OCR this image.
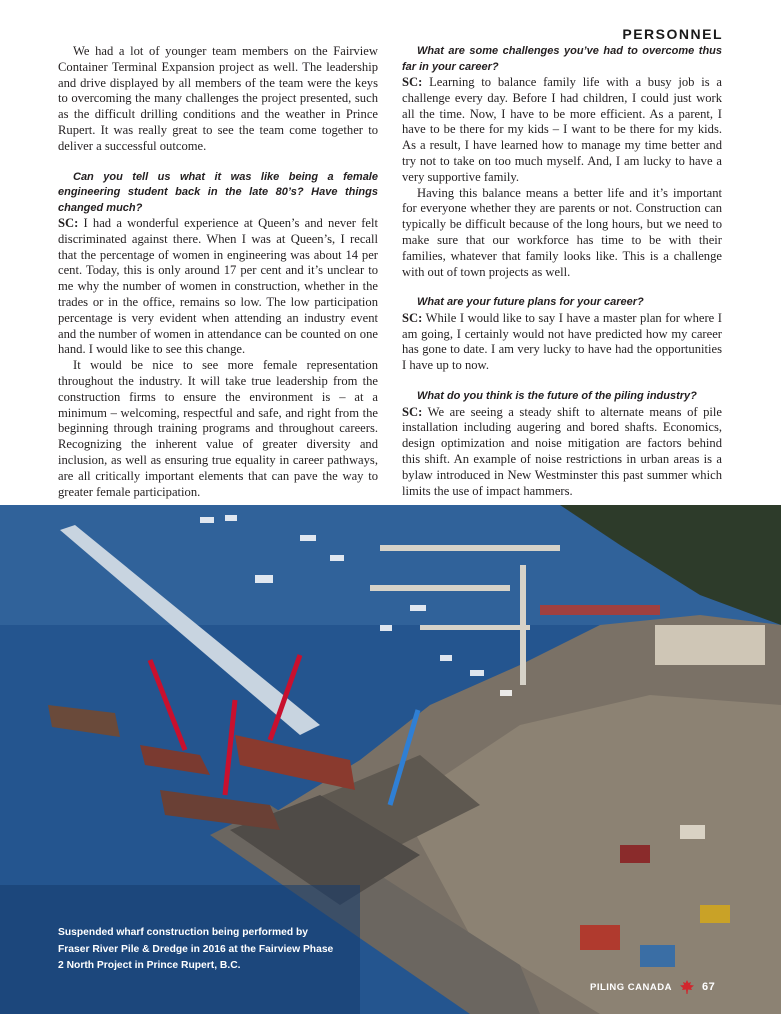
PERSONNEL

We had a lot of younger team members on the Fairview Container Terminal Expansion project as well. The leadership and drive displayed by all members of the team were the keys to overcoming the many challenges the project presented, such as the difficult drilling conditions and the weather in Prince Rupert. It was really great to see the team come together to deliver a successful outcome.

Can you tell us what it was like being a female engineering student back in the late 80’s? Have things changed much?

SC: I had a wonderful experience at Queen’s and never felt discriminated against there. When I was at Queen’s, I recall that the percentage of women in engineering was about 14 per cent. Today, this is only around 17 per cent and it’s unclear to me why the number of women in construction, whether in the trades or in the office, remains so low. The low participation percentage is very evident when attending an industry event and the number of women in attendance can be counted on one hand. I would like to see this change.

It would be nice to see more female representation throughout the industry. It will take true leadership from the construction firms to ensure the environment is – at a minimum – welcoming, respectful and safe, and right from the beginning through training programs and throughout careers. Recognizing the inherent value of greater diversity and inclusion, as well as ensuring true equality in career pathways, are all critically important elements that can pave the way to greater female participation.

What are some challenges you’ve had to overcome thus far in your career?

SC: Learning to balance family life with a busy job is a challenge every day. Before I had children, I could just work all the time. Now, I have to be more efficient. As a parent, I have to be there for my kids – I want to be there for my kids. As a result, I have learned how to manage my time better and try not to take on too much myself. And, I am lucky to have a very supportive family.

Having this balance means a better life and it’s important for everyone whether they are parents or not. Construction can typically be difficult because of the long hours, but we need to make sure that our workforce has time to be with their families, whatever that family looks like. This is a challenge with out of town projects as well.

What are your future plans for your career?

SC: While I would like to say I have a master plan for where I am going, I certainly would not have predicted how my career has gone to date. I am very lucky to have had the opportunities I have up to now.

What do you think is the future of the piling industry?

SC: We are seeing a steady shift to alternate means of pile installation including augering and bored shafts. Economics, design optimization and noise mitigation are factors behind this shift. An example of noise restrictions in urban areas is a bylaw introduced in New Westminster this past summer which limits the use of impact hammers.

Suspended wharf construction being performed by Fraser River Pile & Dredge in 2016 at the Fairview Phase 2 North Project in Prince Rupert, B.C.
PILING CANADA	67
